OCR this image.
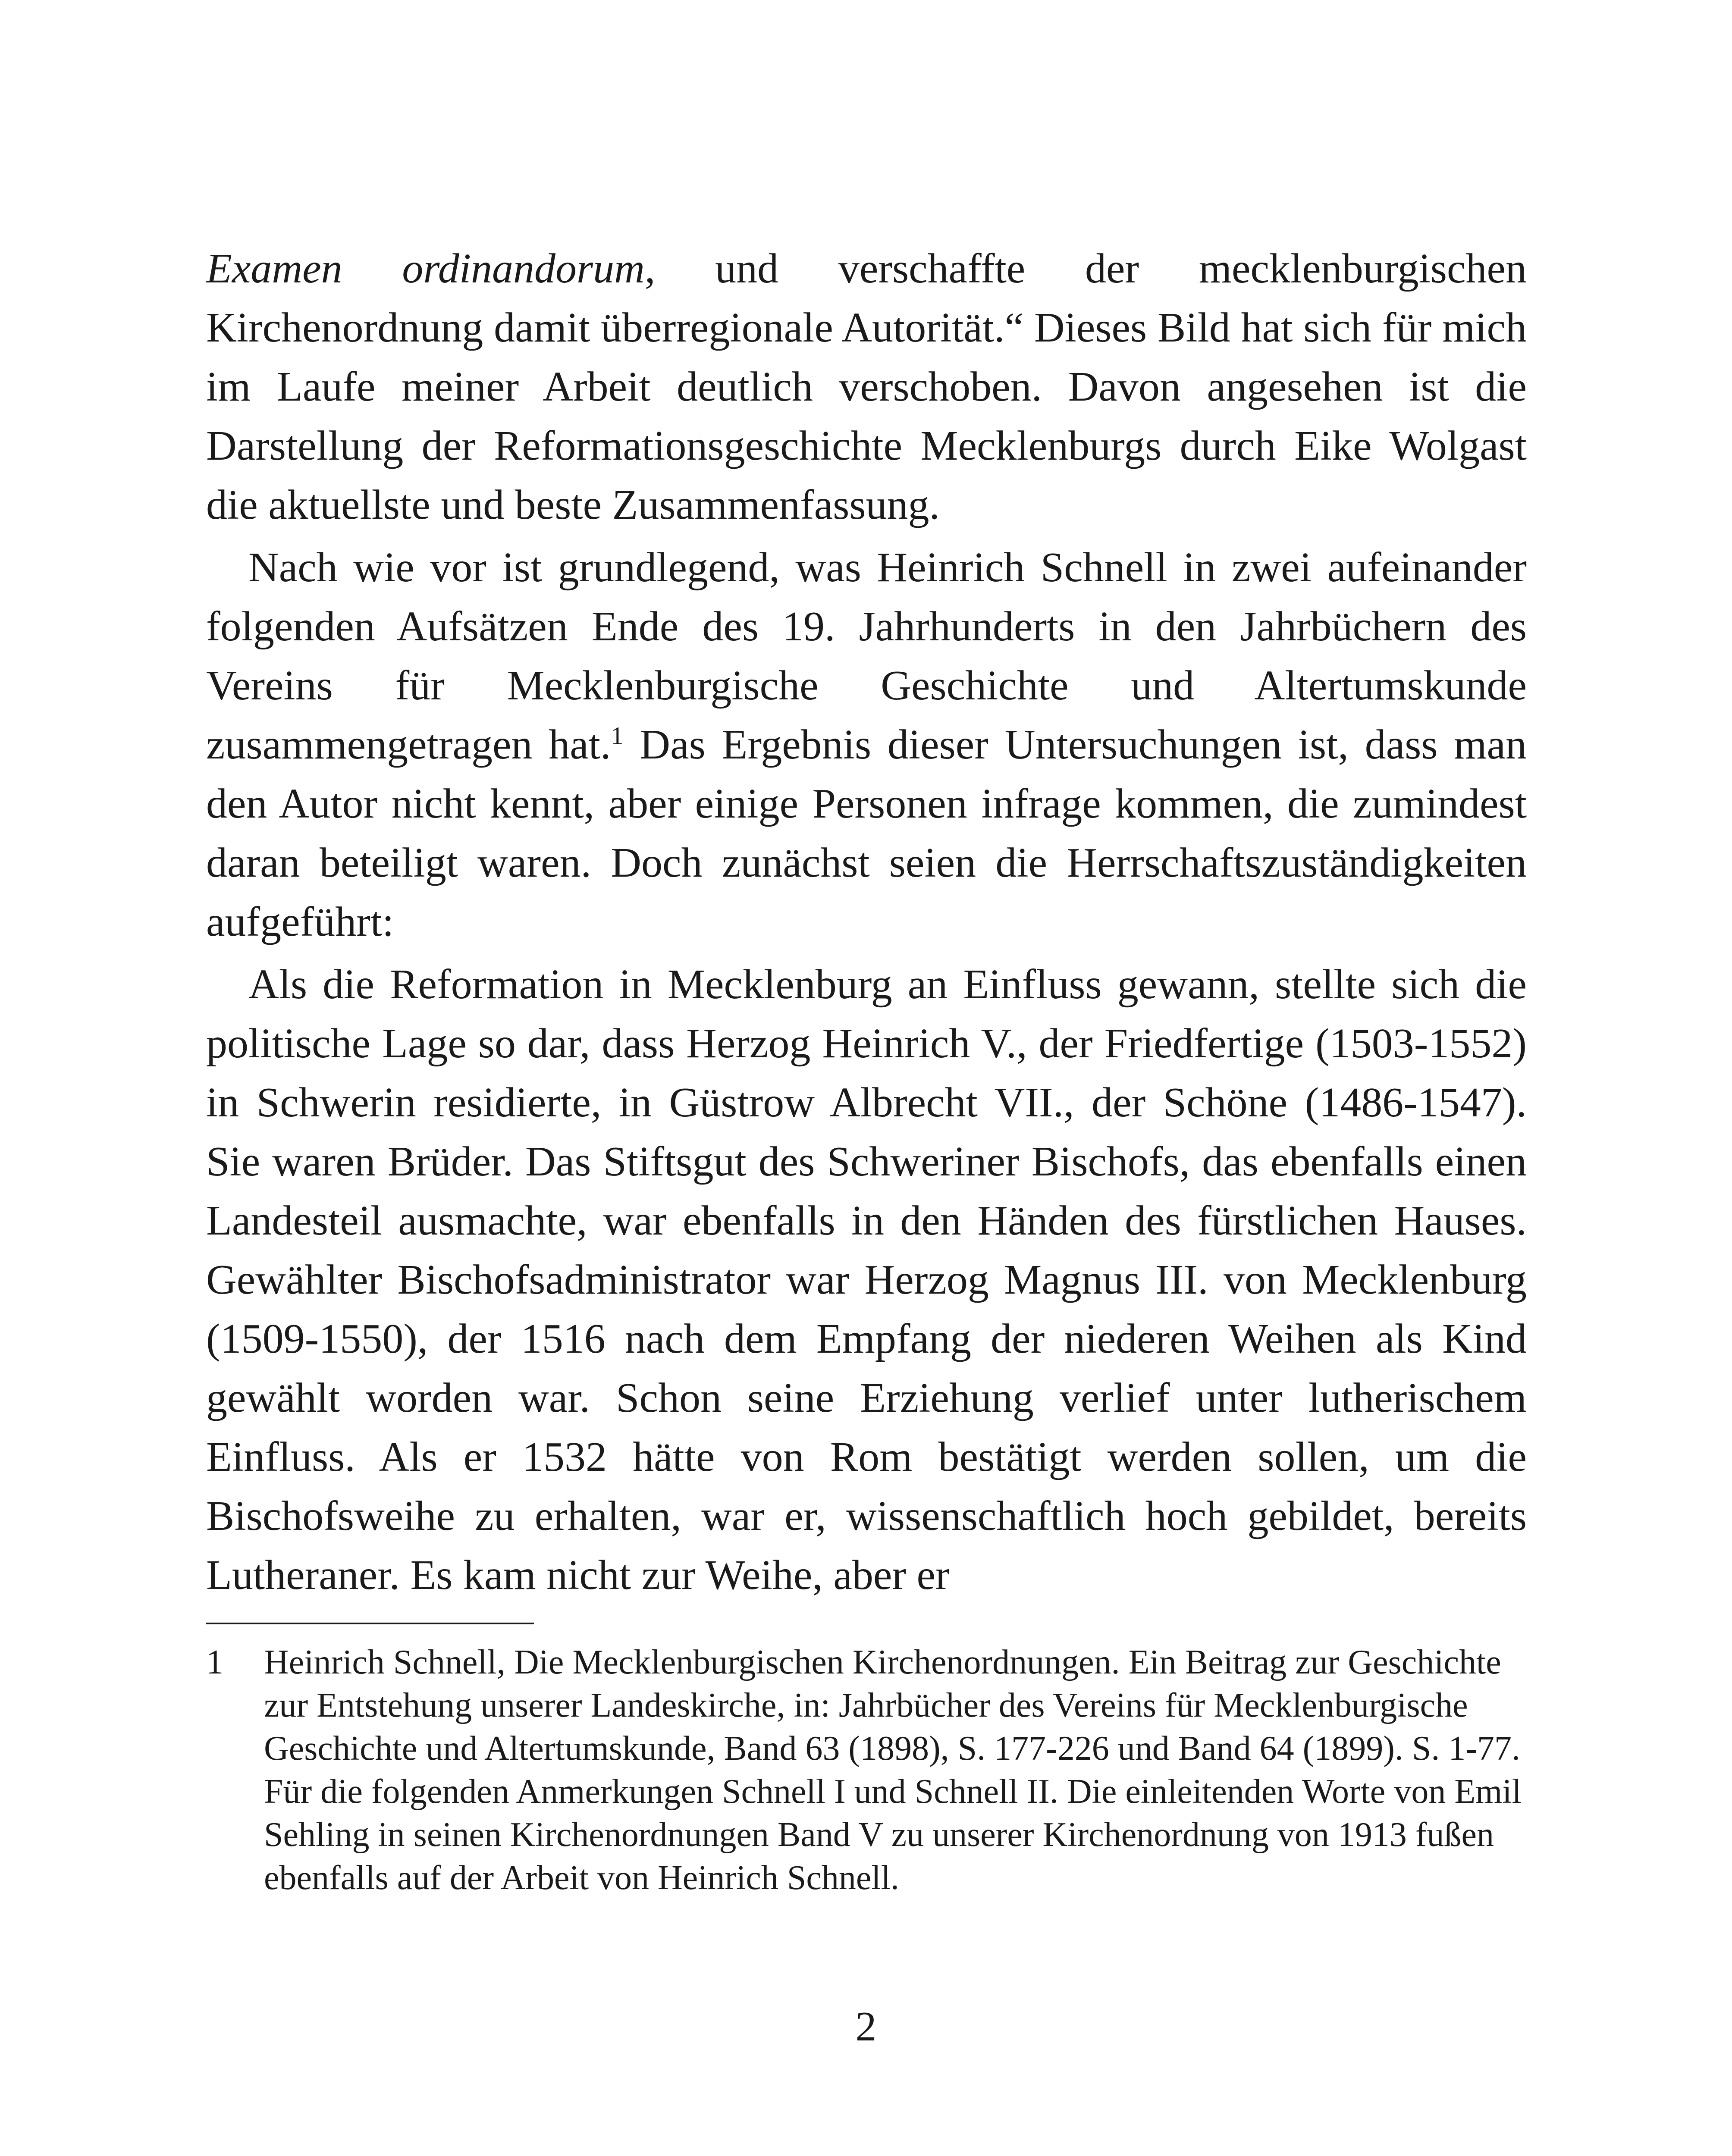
Examen ordinandorum, und verschaffte der mecklenburgischen Kirchenordnung damit überregionale Autorität.“ Dieses Bild hat sich für mich im Laufe meiner Arbeit deutlich verschoben. Davon angesehen ist die Darstellung der Reformationsgeschichte Mecklenburgs durch Eike Wolgast die aktuellste und beste Zusammenfassung.

Nach wie vor ist grundlegend, was Heinrich Schnell in zwei aufeinander folgenden Aufsätzen Ende des 19. Jahrhunderts in den Jahrbüchern des Vereins für Mecklenburgische Geschichte und Altertumskunde zusammengetragen hat.$^1$ Das Ergebnis dieser Untersuchungen ist, dass man den Autor nicht kennt, aber einige Personen infrage kommen, die zumindest daran beteiligt waren. Doch zunächst seien die Herrschaftszuständigkeiten aufgeführt:

Als die Reformation in Mecklenburg an Einfluss gewann, stellte sich die politische Lage so dar, dass Herzog Heinrich V., der Friedfertige (1503-1552) in Schwerin residierte, in Güstrow Albrecht VII., der Schöne (1486-1547). Sie waren Brüder. Das Stiftsgut des Schweriner Bischofs, das ebenfalls einen Landesteil ausmachte, war ebenfalls in den Händen des fürstlichen Hauses. Gewählter Bischofsadministrator war Herzog Magnus III. von Mecklenburg (1509-1550), der 1516 nach dem Empfang der niederen Weihen als Kind gewählt worden war. Schon seine Erziehung verlief unter lutherischem Einfluss. Als er 1532 hätte von Rom bestätigt werden sollen, um die Bischofsweihe zu erhalten, war er, wissenschaftlich hoch gebildet, bereits Lutheraner. Es kam nicht zur Weihe, aber er

1	Heinrich Schnell, Die Mecklenburgischen Kirchenordnungen. Ein Beitrag zur Geschichte zur Entstehung unserer Landeskirche, in: Jahrbücher des Vereins für Mecklenburgische Geschichte und Altertumskunde, Band 63 (1898), S. 177-226 und Band 64 (1899). S. 1-77. Für die folgenden Anmerkungen Schnell I und Schnell II. Die einleitenden Worte von Emil Sehling in seinen Kirchenordnungen Band V zu unserer Kirchenordnung von 1913 fußen ebenfalls auf der Arbeit von Heinrich Schnell.
2
